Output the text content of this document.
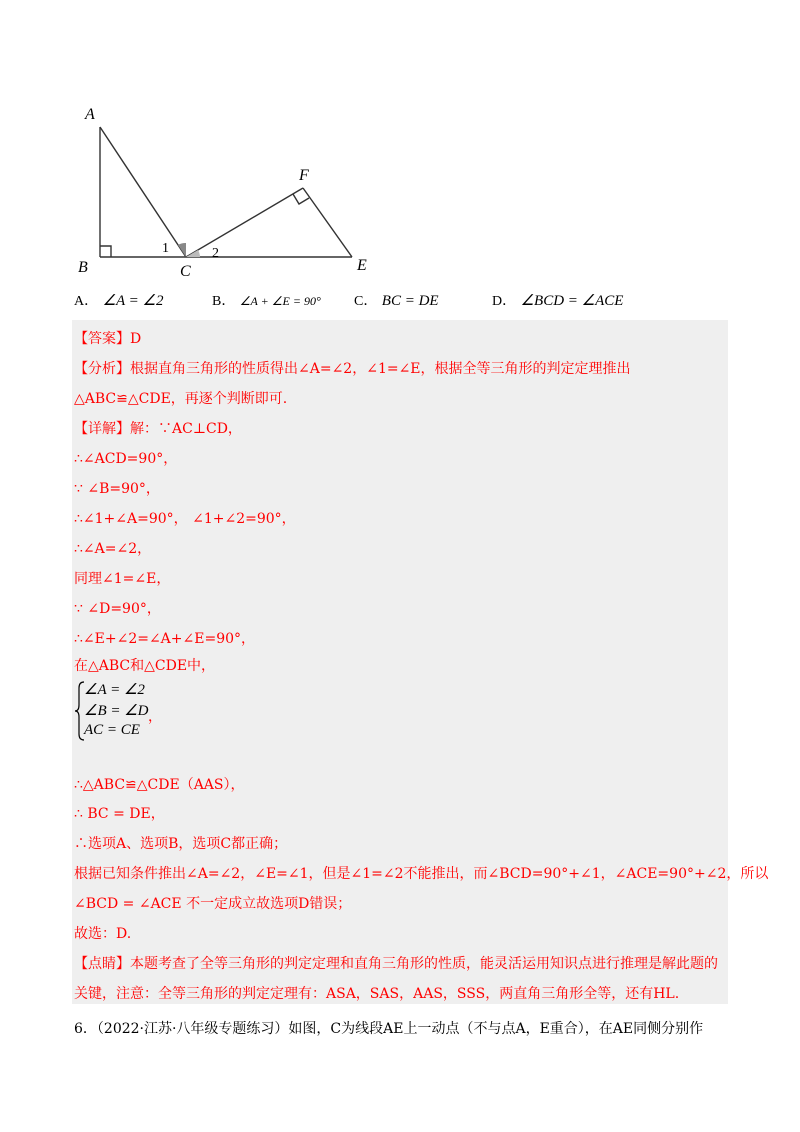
A
B	C	E
F
1	2
A． ∠A = ∠2	B． ∠A + ∠E = 90° C． BC = DE	D． ∠BCD = ∠ACE
【答案】D
【分析】根据直角三角形的性质得出∠A=∠2，∠1=∠E，根据全等三角形的判定定理推出
△ABC≌△CDE，再逐个判断即可.
【详解】解：∵AC⊥CD，
∴∠ACD=90°，
∵ ∠B=90°，
∴∠1+∠A=90°， ∠1+∠2=90°，
∴∠A=∠2，
同理∠1=∠E，
∵ ∠D=90°，
∴∠E+∠2=∠A+∠E=90°，
在△ABC和△CDE中，
∠A = ∠2
∠B = ∠D
AC = CE
，
∴△ABC≌△CDE（AAS），
∴ BC = DE，
∴选项A、选项B，选项C都正确；
根据已知条件推出∠A=∠2，∠E=∠1，但是∠1=∠2不能推出，而∠BCD=90°+∠1，∠ACE=90°+∠2，所以
∠BCD = ∠ACE 不一定成立故选项D错误；
故选：D.
【点睛】本题考查了全等三角形的判定定理和直角三角形的性质，能灵活运用知识点进行推理是解此题的
关键，注意：全等三角形的判定定理有：ASA，SAS，AAS，SSS，两直角三角形全等，还有HL.
6．（2022·江苏·八年级专题练习）如图，C为线段AE上一动点（不与点A，E重合），在AE同侧分别作
